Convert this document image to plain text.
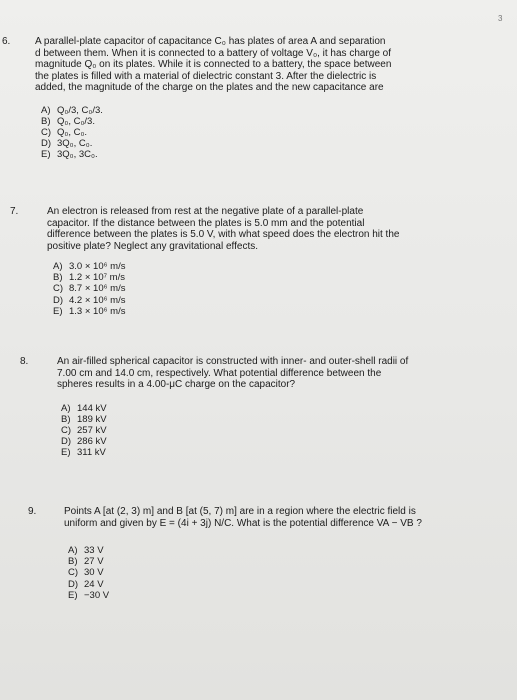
3
6. A parallel-plate capacitor of capacitance C₀ has plates of area A and separation
d between them. When it is connected to a battery of voltage V₀, it has charge of
magnitude Q₀ on its plates. While it is connected to a battery, the space between
the plates is filled with a material of dielectric constant 3. After the dielectric is
added, the magnitude of the charge on the plates and the new capacitance are

A) Q₀/3, C₀/3.
B) Q₀, C₀/3.
C) Q₀, C₀.
D) 3Q₀, C₀.
E) 3Q₀, 3C₀.
7.	An electron is released from rest at the negative plate of a parallel-plate
capacitor. If the distance between the plates is 5.0 mm and the potential
difference between the plates is 5.0 V, with what speed does the electron hit the
positive plate? Neglect any gravitational effects.

A) 3.0 × 10⁶ m/s
B) 1.2 × 10⁷ m/s
C) 8.7 × 10⁶ m/s
D) 4.2 × 10⁶ m/s
E) 1.3 × 10⁶ m/s
8.	An air-filled spherical capacitor is constructed with inner- and outer-shell radii of
7.00 cm and 14.0 cm, respectively. What potential difference between the
spheres results in a 4.00-μC charge on the capacitor?

A) 144 kV
B) 189 kV
C) 257 kV
D) 286 kV
E) 311 kV
9.	Points A [at (2, 3) m] and B [at (5, 7) m] are in a region where the electric field is
uniform and given by E = (4i + 3j) N/C. What is the potential difference VA − VB ?

A) 33 V
B) 27 V
C) 30 V
D) 24 V
E) −30 V
